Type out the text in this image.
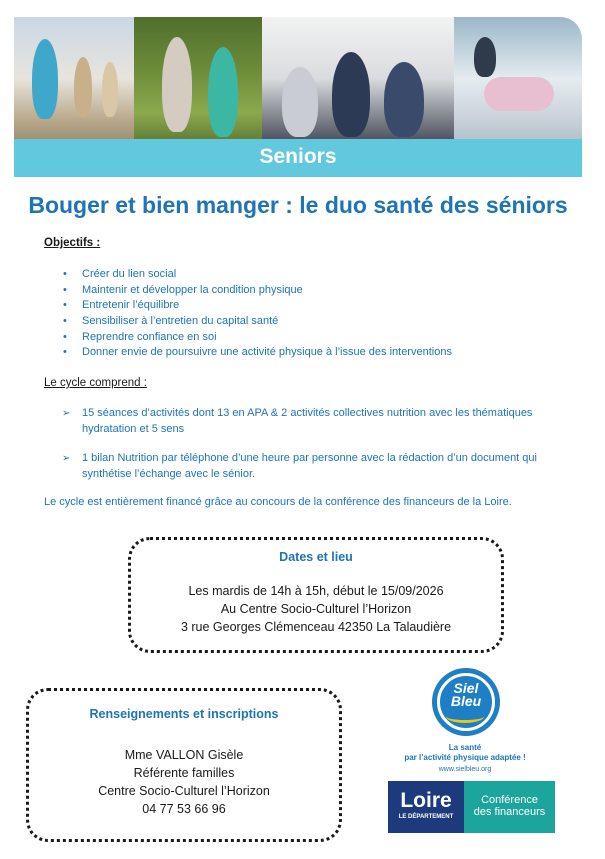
Seniors
Bouger et bien manger : le duo santé des séniors
Objectifs :
• Créer du lien social
• Maintenir et développer la condition physique
• Entretenir l’équilibre
• Sensibiliser à l’entretien du capital santé
• Reprendre confiance en soi
• Donner envie de poursuivre une activité physique à l’issue des interventions
Le cycle comprend :
➢ 15 séances d’activités dont 13 en APA & 2 activités collectives nutrition avec les thématiques hydratation et 5 sens
➢ 1 bilan Nutrition par téléphone d’une heure par personne avec la rédaction d’un document qui synthétise l’échange avec le sénior.
Le cycle est entièrement financé grâce au concours de la conférence des financeurs de la Loire.
Dates et lieu
Les mardis de 14h à 15h, début le 15/09/2026
Au Centre Socio-Culturel l’Horizon
3 rue Georges Clémenceau 42350 La Talaudière
Renseignements et inscriptions
Mme VALLON Gisèle
Référente familles
Centre Socio-Culturel l’Horizon
04 77 53 66 96
ASSOCIATION
Siel
Bleu
La santé
par l’activité physique adaptée !
www.sielbleu.org
Loire
LE DÉPARTEMENT
Conférence
des financeurs
